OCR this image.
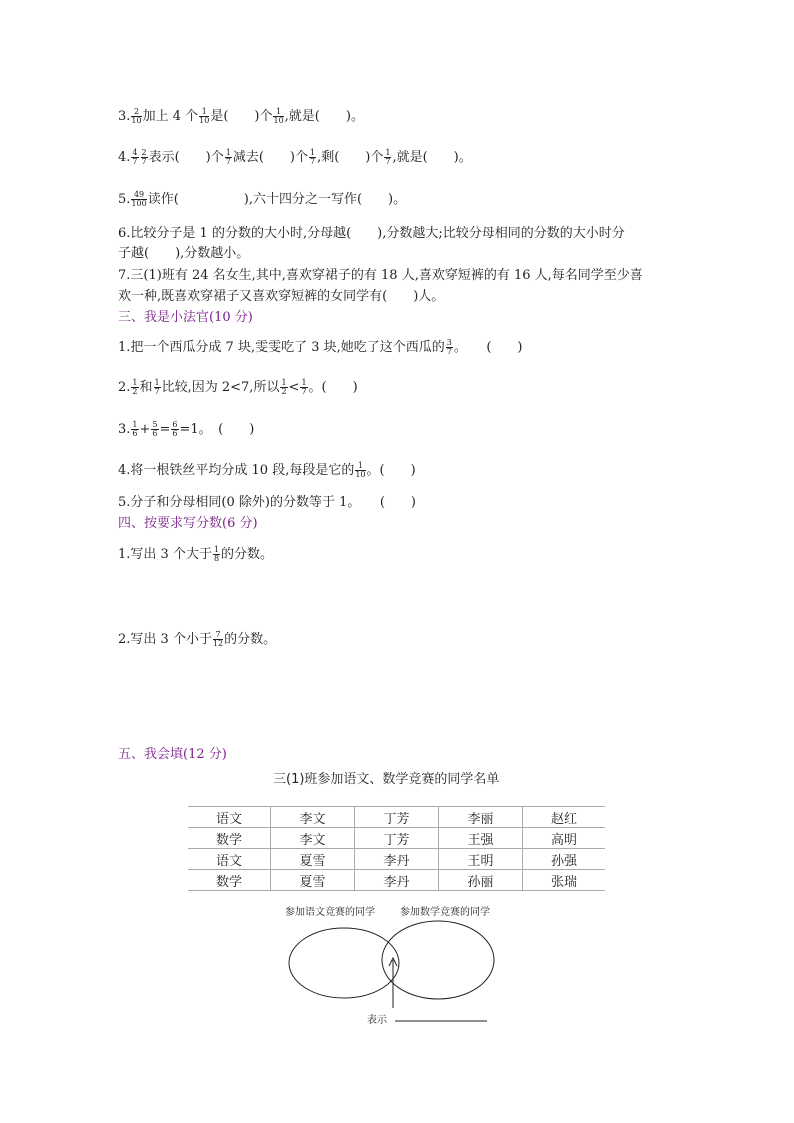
3. $\frac{2}{10}$ 加上 4 个 $\frac{1}{10}$ 是(　　)个 $\frac{1}{10}$ ,就是(　　)。
4. $\frac{4}{7} \frac{2}{7}$ 表示(　　)个 $\frac{1}{7}$ 减去(　　)个 $\frac{1}{7}$ ,剩(　　)个 $\frac{1}{7}$ ,就是(　　)。
5. $\frac{49}{100}$ 读作(　　　　　),六十四分之一写作(　　)。
6.比较分子是 1 的分数的大小时,分母越(　　),分数越大;比较分母相同的分数的大小时分
子越(　　),分数越小。
7.三(1)班有 24 名女生,其中,喜欢穿裙子的有 18 人,喜欢穿短裤的有 16 人,每名同学至少喜
欢一种,既喜欢穿裙子又喜欢穿短裤的女同学有(　　)人。
三、我是小法官(10 分)
1.把一个西瓜分成 7 块,雯雯吃了 3 块,她吃了这个西瓜的 $\frac{3}{7}$ 。　　(　　)
2. $\frac{1}{2}$ 和 $\frac{1}{7}$ 比较,因为 2<7,所以 $\frac{1}{2} < \frac{1}{7}$ 。(　　)
3. $\frac{1}{6} + \frac{5}{6} = \frac{6}{6} =1$。　(　　)
4.将一根铁丝平均分成 10 段,每段是它的 $\frac{1}{10}$ 。(　　)
5.分子和分母相同(0 除外)的分数等于 1。　　(　　)
四、按要求写分数(6 分)
1.写出 3 个大于 $\frac{1}{8}$ 的分数。
2.写出 3 个小于 $\frac{7}{12}$ 的分数。
五、我会填(12 分)
三(1)班参加语文、数学竞赛的同学名单
语文	李文	丁芳	李丽	赵红
数学	李文	丁芳	王强	高明
语文	夏雪	李丹	王明	孙强
数学	夏雪	李丹	孙丽	张瑞
参加语文竞赛的同学	参加数学竞赛的同学
表示
